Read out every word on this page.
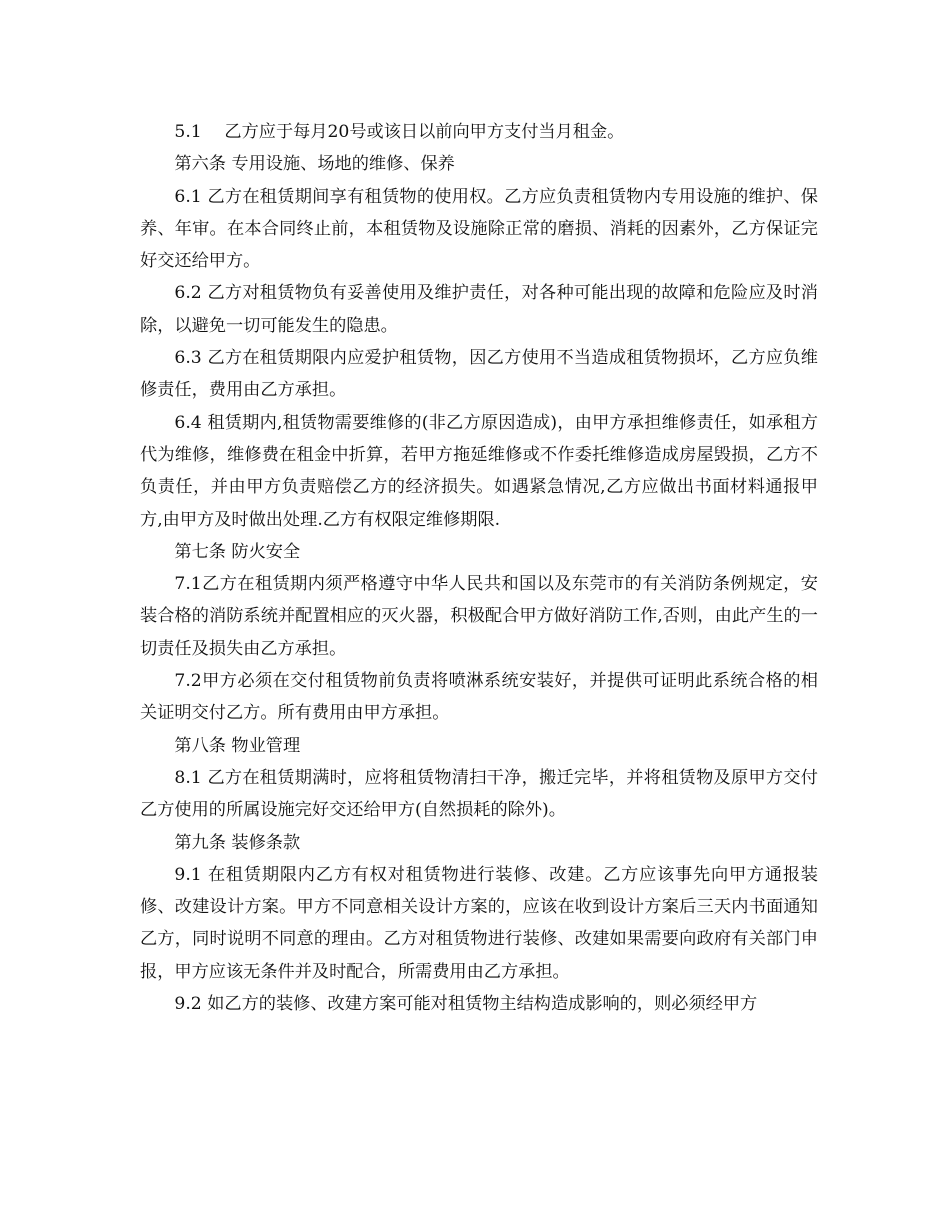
5.1　 乙方应于每月20号或该日以前向甲方支付当月租金。

第六条 专用设施、场地的维修、保养

6.1 乙方在租赁期间享有租赁物的使用权。乙方应负责租赁物内专用设施的维护、保养、年审。在本合同终止前，本租赁物及设施除正常的磨损、消耗的因素外，乙方保证完好交还给甲方。

6.2 乙方对租赁物负有妥善使用及维护责任，对各种可能出现的故障和危险应及时消除，以避免一切可能发生的隐患。

6.3 乙方在租赁期限内应爱护租赁物，因乙方使用不当造成租赁物损坏，乙方应负维修责任，费用由乙方承担。

6.4 租赁期内,租赁物需要维修的(非乙方原因造成)，由甲方承担维修责任，如承租方代为维修，维修费在租金中折算，若甲方拖延维修或不作委托维修造成房屋毁损，乙方不负责任，并由甲方负责赔偿乙方的经济损失。如遇紧急情况,乙方应做出书面材料通报甲方,由甲方及时做出处理.乙方有权限定维修期限.

第七条 防火安全

7.1乙方在租赁期内须严格遵守中华人民共和国以及东莞市的有关消防条例规定，安装合格的消防系统并配置相应的灭火器，积极配合甲方做好消防工作,否则，由此产生的一切责任及损失由乙方承担。

7.2甲方必须在交付租赁物前负责将喷淋系统安装好，并提供可证明此系统合格的相关证明交付乙方。所有费用由甲方承担。

第八条 物业管理

8.1 乙方在租赁期满时，应将租赁物清扫干净，搬迁完毕，并将租赁物及原甲方交付乙方使用的所属设施完好交还给甲方(自然损耗的除外)。

第九条 装修条款

9.1 在租赁期限内乙方有权对租赁物进行装修、改建。乙方应该事先向甲方通报装修、改建设计方案。甲方不同意相关设计方案的，应该在收到设计方案后三天内书面通知乙方，同时说明不同意的理由。乙方对租赁物进行装修、改建如果需要向政府有关部门申报，甲方应该无条件并及时配合，所需费用由乙方承担。

9.2 如乙方的装修、改建方案可能对租赁物主结构造成影响的，则必须经甲方
